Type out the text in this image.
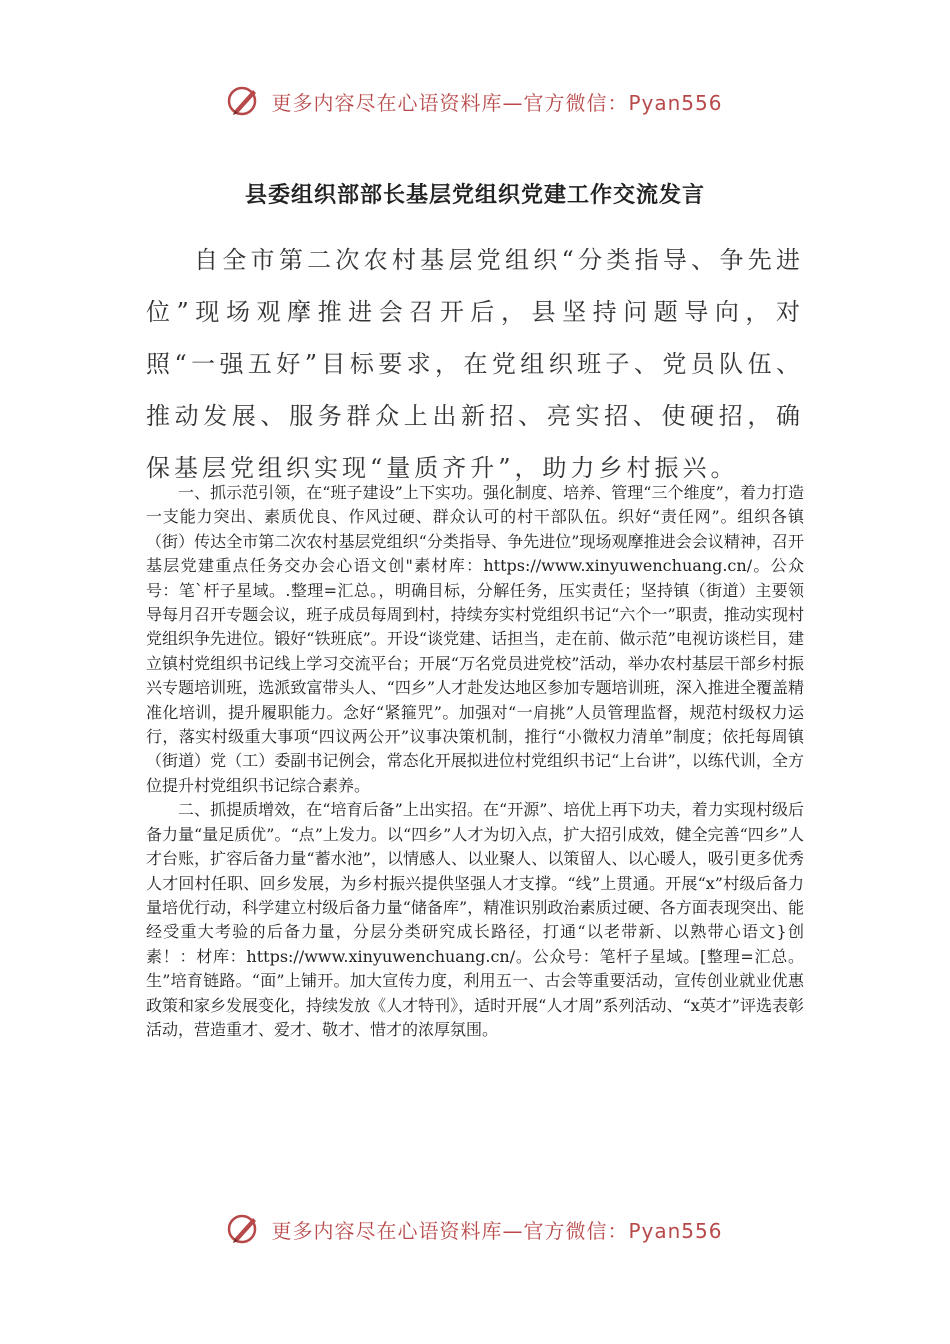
更多内容尽在心语资料库—官方微信：Pyan556
县委组织部部长基层党组织党建工作交流发言

自全市第二次农村基层党组织“分类指导、争先进位”现场观摩推进会召开后，县坚持问题导向，对照“一强五好”目标要求，在党组织班子、党员队伍、推动发展、服务群众上出新招、亮实招、使硬招，确保基层党组织实现“量质齐升”，助力乡村振兴。

一、抓示范引领，在“班子建设”上下实功。强化制度、培养、管理“三个维度”，着力打造一支能力突出、素质优良、作风过硬、群众认可的村干部队伍。织好“责任网”。组织各镇（街）传达全市第二次农村基层党组织“分类指导、争先进位”现场观摩推进会会议精神，召开基层党建重点任务交办会心语文创"素材库：https://www.xinyuwenchuang.cn/。公众号：笔`杆子星域。.整理=汇总。，明确目标，分解任务，压实责任；坚持镇（街道）主要领导每月召开专题会议，班子成员每周到村，持续夯实村党组织书记“六个一”职责，推动实现村党组织争先进位。锻好“铁班底”。开设“谈党建、话担当，走在前、做示范”电视访谈栏目，建立镇村党组织书记线上学习交流平台；开展“万名党员进党校”活动，举办农村基层干部乡村振兴专题培训班，选派致富带头人、“四乡”人才赴发达地区参加专题培训班，深入推进全覆盖精准化培训，提升履职能力。念好“紧箍咒”。加强对“一肩挑”人员管理监督，规范村级权力运行，落实村级重大事项“四议两公开”议事决策机制，推行“小微权力清单”制度；依托每周镇（街道）党（工）委副书记例会，常态化开展拟进位村党组织书记“上台讲”，以练代训，全方位提升村党组织书记综合素养。

二、抓提质增效，在“培育后备”上出实招。在“开源”、培优上再下功夫，着力实现村级后备力量“量足质优”。“点”上发力。以“四乡”人才为切入点，扩大招引成效，健全完善“四乡”人才台账，扩容后备力量“蓄水池”，以情感人、以业聚人、以策留人、以心暖人，吸引更多优秀人才回村任职、回乡发展，为乡村振兴提供坚强人才支撑。“线”上贯通。开展“x”村级后备力量培优行动，科学建立村级后备力量“储备库”，精准识别政治素质过硬、各方面表现突出、能经受重大考验的后备力量，分层分类研究成长路径，打通“以老带新、以熟带心语文}创素！：材库：https://www.xinyuwenchuang.cn/。公众号：笔杆子星域。[整理=汇总。生”培育链路。“面”上铺开。加大宣传力度，利用五一、古会等重要活动，宣传创业就业优惠政策和家乡发展变化，持续发放《人才特刊》，适时开展“人才周”系列活动、“x英才”评选表彰活动，营造重才、爱才、敬才、惜才的浓厚氛围。

更多内容尽在心语资料库—官方微信：Pyan556
